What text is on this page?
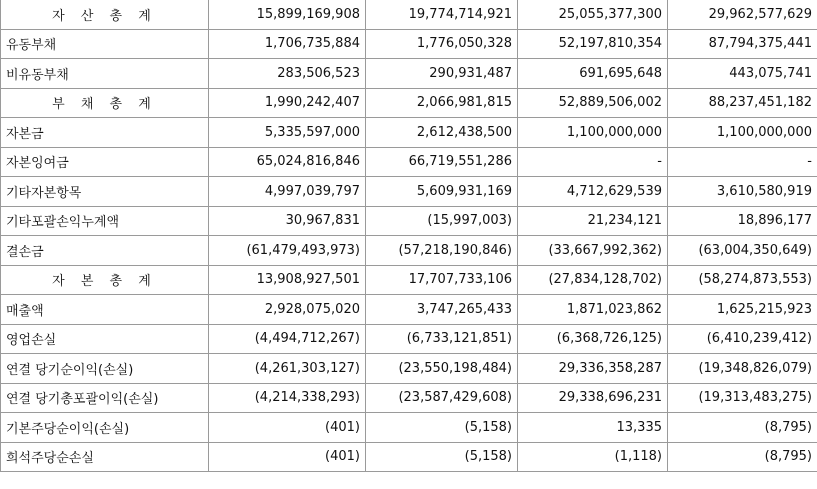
자 산 총 계	15,899,169,908	19,774,714,921	25,055,377,300	29,962,577,629
유동부채	1,706,735,884	1,776,050,328	52,197,810,354	87,794,375,441
비유동부채	283,506,523	290,931,487	691,695,648	443,075,741
부 채 총 계	1,990,242,407	2,066,981,815	52,889,506,002	88,237,451,182
자본금	5,335,597,000	2,612,438,500	1,100,000,000	1,100,000,000
자본잉여금	65,024,816,846	66,719,551,286	-	-
기타자본항목	4,997,039,797	5,609,931,169	4,712,629,539	3,610,580,919
기타포괄손익누계액	30,967,831	(15,997,003)	21,234,121	18,896,177
결손금	(61,479,493,973)	(57,218,190,846)	(33,667,992,362)	(63,004,350,649)
자 본 총 계	13,908,927,501	17,707,733,106	(27,834,128,702)	(58,274,873,553)
매출액	2,928,075,020	3,747,265,433	1,871,023,862	1,625,215,923
영업손실	(4,494,712,267)	(6,733,121,851)	(6,368,726,125)	(6,410,239,412)
연결 당기순이익(손실)	(4,261,303,127)	(23,550,198,484)	29,336,358,287	(19,348,826,079)
연결 당기총포괄이익(손실)	(4,214,338,293)	(23,587,429,608)	29,338,696,231	(19,313,483,275)
기본주당순이익(손실)	(401)	(5,158)	13,335	(8,795)
희석주당순손실	(401)	(5,158)	(1,118)	(8,795)
